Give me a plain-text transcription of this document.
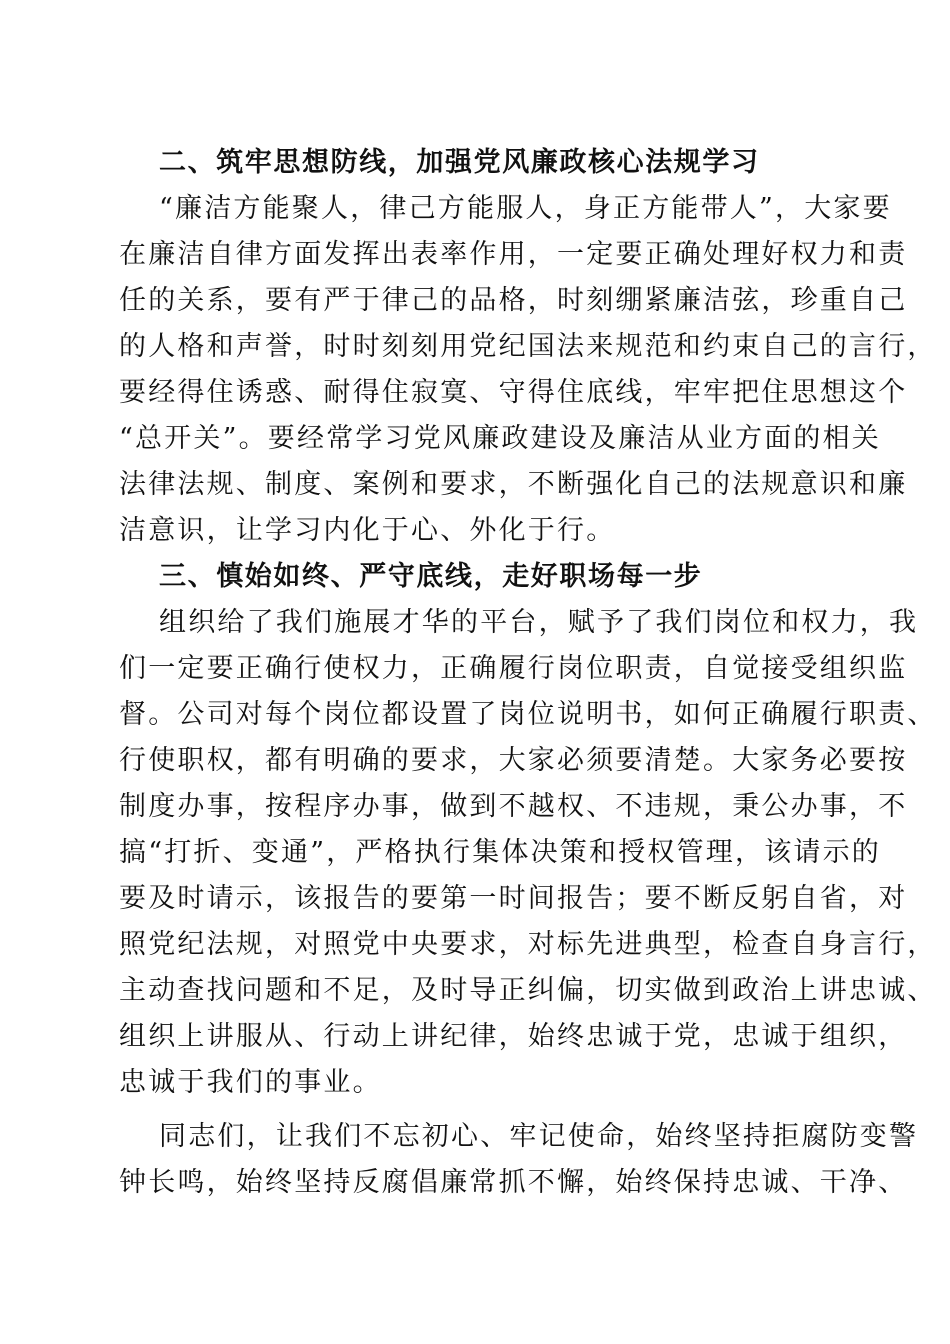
二、筑牢思想防线，加强党风廉政核心法规学习
“廉洁方能聚人，律己方能服人，身正方能带人”，大家要
在廉洁自律方面发挥出表率作用，一定要正确处理好权力和责
任的关系，要有严于律己的品格，时刻绷紧廉洁弦，珍重自己
的人格和声誉，时时刻刻用党纪国法来规范和约束自己的言行，
要经得住诱惑、耐得住寂寞、守得住底线，牢牢把住思想这个
“总开关”。要经常学习党风廉政建设及廉洁从业方面的相关
法律法规、制度、案例和要求，不断强化自己的法规意识和廉
洁意识，让学习内化于心、外化于行。
三、慎始如终、严守底线，走好职场每一步
组织给了我们施展才华的平台，赋予了我们岗位和权力，我
们一定要正确行使权力，正确履行岗位职责，自觉接受组织监
督。公司对每个岗位都设置了岗位说明书，如何正确履行职责、
行使职权，都有明确的要求，大家必须要清楚。大家务必要按
制度办事，按程序办事，做到不越权、不违规，秉公办事，不
搞“打折、变通”，严格执行集体决策和授权管理，该请示的
要及时请示，该报告的要第一时间报告；要不断反躬自省，对
照党纪法规，对照党中央要求，对标先进典型，检查自身言行，
主动查找问题和不足，及时导正纠偏，切实做到政治上讲忠诚、
组织上讲服从、行动上讲纪律，始终忠诚于党，忠诚于组织，
忠诚于我们的事业。
同志们，让我们不忘初心、牢记使命，始终坚持拒腐防变警
钟长鸣，始终坚持反腐倡廉常抓不懈，始终保持忠诚、干净、
